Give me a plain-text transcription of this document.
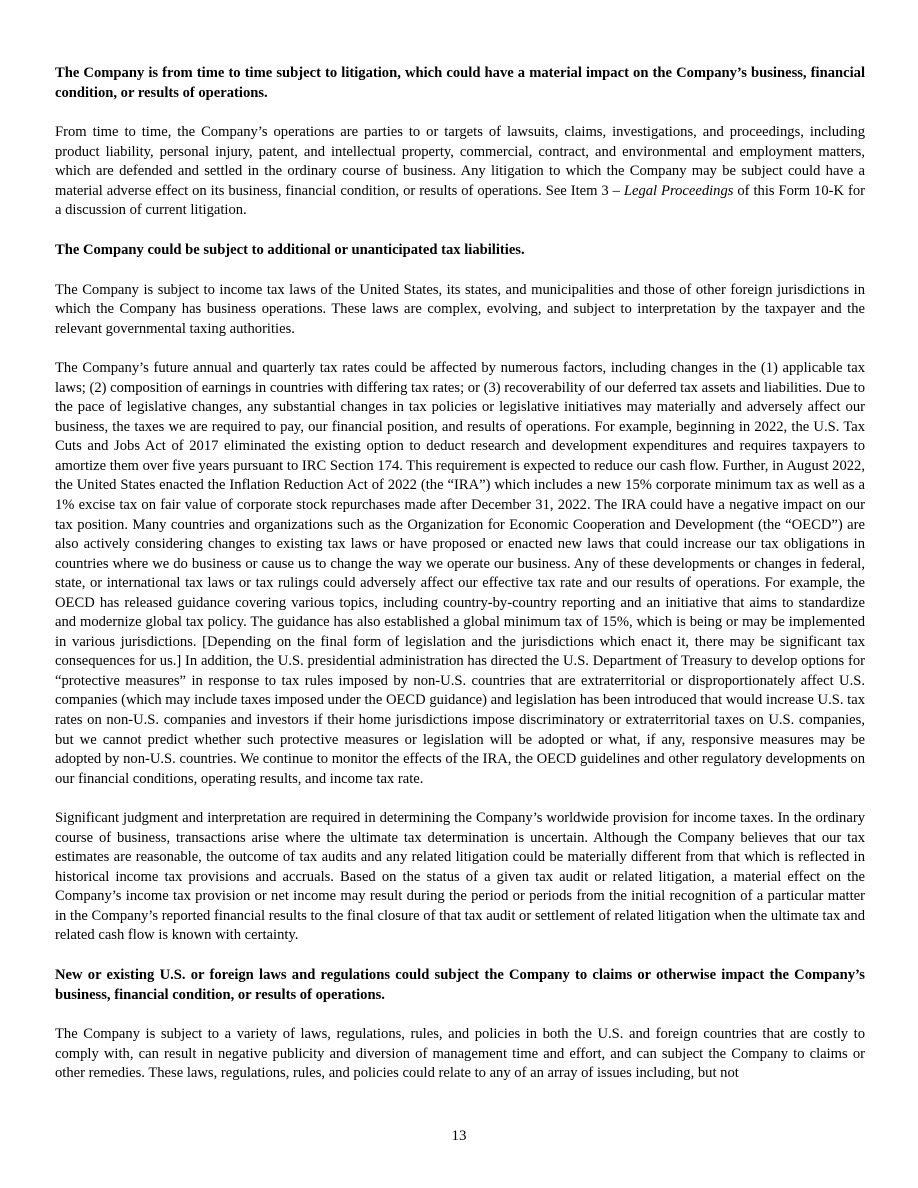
The Company is from time to time subject to litigation, which could have a material impact on the Company’s business, financial condition, or results of operations.
From time to time, the Company’s operations are parties to or targets of lawsuits, claims, investigations, and proceedings, including product liability, personal injury, patent, and intellectual property, commercial, contract, and environmental and employment matters, which are defended and settled in the ordinary course of business. Any litigation to which the Company may be subject could have a material adverse effect on its business, financial condition, or results of operations. See Item 3 – Legal Proceedings of this Form 10-K for a discussion of current litigation.
The Company could be subject to additional or unanticipated tax liabilities.
The Company is subject to income tax laws of the United States, its states, and municipalities and those of other foreign jurisdictions in which the Company has business operations. These laws are complex, evolving, and subject to interpretation by the taxpayer and the relevant governmental taxing authorities.
The Company’s future annual and quarterly tax rates could be affected by numerous factors, including changes in the (1) applicable tax laws; (2) composition of earnings in countries with differing tax rates; or (3) recoverability of our deferred tax assets and liabilities. Due to the pace of legislative changes, any substantial changes in tax policies or legislative initiatives may materially and adversely affect our business, the taxes we are required to pay, our financial position, and results of operations. For example, beginning in 2022, the U.S. Tax Cuts and Jobs Act of 2017 eliminated the existing option to deduct research and development expenditures and requires taxpayers to amortize them over five years pursuant to IRC Section 174. This requirement is expected to reduce our cash flow. Further, in August 2022, the United States enacted the Inflation Reduction Act of 2022 (the “IRA”) which includes a new 15% corporate minimum tax as well as a 1% excise tax on fair value of corporate stock repurchases made after December 31, 2022. The IRA could have a negative impact on our tax position. Many countries and organizations such as the Organization for Economic Cooperation and Development (the “OECD”) are also actively considering changes to existing tax laws or have proposed or enacted new laws that could increase our tax obligations in countries where we do business or cause us to change the way we operate our business. Any of these developments or changes in federal, state, or international tax laws or tax rulings could adversely affect our effective tax rate and our results of operations. For example, the OECD has released guidance covering various topics, including country-by-country reporting and an initiative that aims to standardize and modernize global tax policy. The guidance has also established a global minimum tax of 15%, which is being or may be implemented in various jurisdictions. [Depending on the final form of legislation and the jurisdictions which enact it, there may be significant tax consequences for us.] In addition, the U.S. presidential administration has directed the U.S. Department of Treasury to develop options for “protective measures” in response to tax rules imposed by non-U.S. countries that are extraterritorial or disproportionately affect U.S. companies (which may include taxes imposed under the OECD guidance) and legislation has been introduced that would increase U.S. tax rates on non-U.S. companies and investors if their home jurisdictions impose discriminatory or extraterritorial taxes on U.S. companies, but we cannot predict whether such protective measures or legislation will be adopted or what, if any, responsive measures may be adopted by non-U.S. countries. We continue to monitor the effects of the IRA, the OECD guidelines and other regulatory developments on our financial conditions, operating results, and income tax rate.
Significant judgment and interpretation are required in determining the Company’s worldwide provision for income taxes. In the ordinary course of business, transactions arise where the ultimate tax determination is uncertain. Although the Company believes that our tax estimates are reasonable, the outcome of tax audits and any related litigation could be materially different from that which is reflected in historical income tax provisions and accruals. Based on the status of a given tax audit or related litigation, a material effect on the Company’s income tax provision or net income may result during the period or periods from the initial recognition of a particular matter in the Company’s reported financial results to the final closure of that tax audit or settlement of related litigation when the ultimate tax and related cash flow is known with certainty.
New or existing U.S. or foreign laws and regulations could subject the Company to claims or otherwise impact the Company’s business, financial condition, or results of operations.
The Company is subject to a variety of laws, regulations, rules, and policies in both the U.S. and foreign countries that are costly to comply with, can result in negative publicity and diversion of management time and effort, and can subject the Company to claims or other remedies. These laws, regulations, rules, and policies could relate to any of an array of issues including, but not
13
